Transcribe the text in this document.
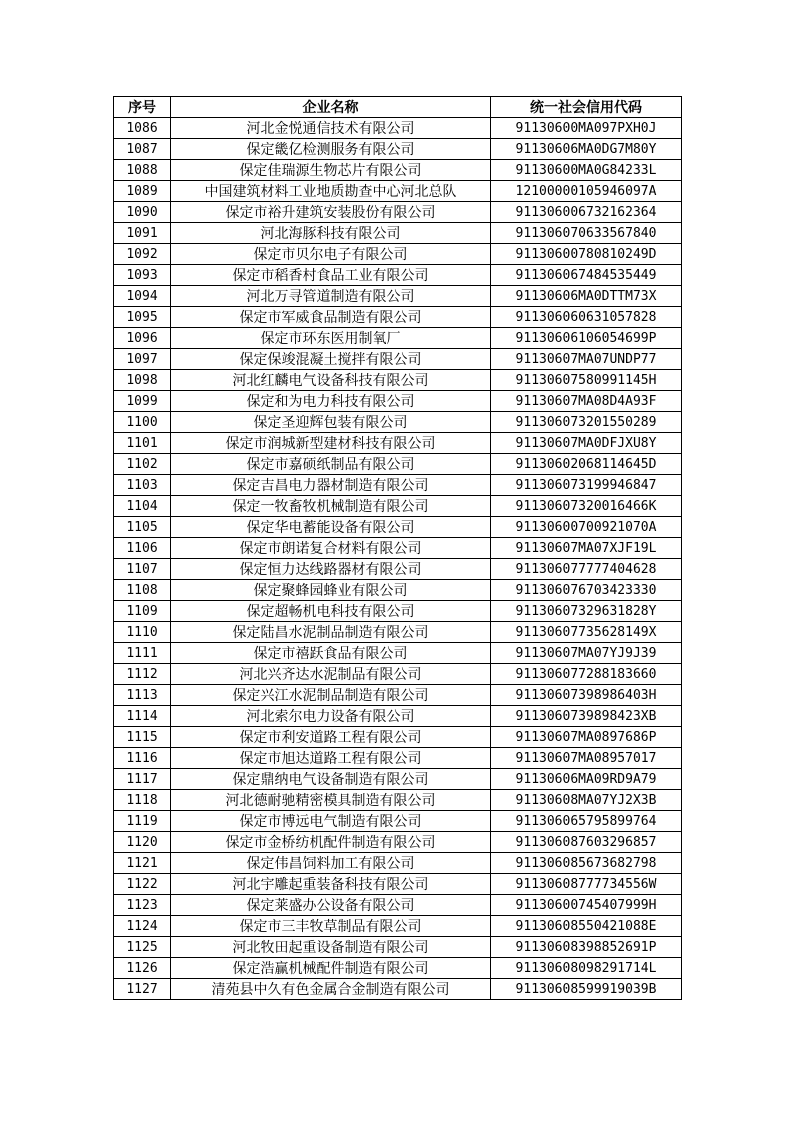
序号	企业名称	统一社会信用代码
1086	河北金悦通信技术有限公司	91130600MA097PXH0J
1087	保定畿亿检测服务有限公司	91130606MA0DG7M80Y
1088	保定佳瑞源生物芯片有限公司	91130600MA0G84233L
1089	中国建筑材料工业地质勘查中心河北总队	12100000105946097A
1090	保定市裕升建筑安装股份有限公司	911306006732162364
1091	河北海豚科技有限公司	911306070633567840
1092	保定市贝尔电子有限公司	91130600780810249D
1093	保定市稻香村食品工业有限公司	911306067484535449
1094	河北万寻管道制造有限公司	91130606MA0DTTM73X
1095	保定市军威食品制造有限公司	911306060631057828
1096	保定市环东医用制氧厂	91130606106054699P
1097	保定保竣混凝土搅拌有限公司	91130607MA07UNDP77
1098	河北红麟电气设备科技有限公司	91130607580991145H
1099	保定和为电力科技有限公司	91130607MA08D4A93F
1100	保定圣迎辉包装有限公司	911306073201550289
1101	保定市润城新型建材科技有限公司	91130607MA0DFJXU8Y
1102	保定市嘉硕纸制品有限公司	91130602068114645D
1103	保定吉昌电力器材制造有限公司	911306073199946847
1104	保定一牧畜牧机械制造有限公司	91130607320016466K
1105	保定华电蓄能设备有限公司	91130600700921070A
1106	保定市朗诺复合材料有限公司	91130607MA07XJF19L
1107	保定恒力达线路器材有限公司	911306077777404628
1108	保定聚蜂园蜂业有限公司	911306076703423330
1109	保定超畅机电科技有限公司	91130607329631828Y
1110	保定陆昌水泥制品制造有限公司	91130607735628149X
1111	保定市禧跃食品有限公司	91130607MA07YJ9J39
1112	河北兴齐达水泥制品有限公司	911306077288183660
1113	保定兴江水泥制品制造有限公司	91130607398986403H
1114	河北索尔电力设备有限公司	9113060739898423XB
1115	保定市利安道路工程有限公司	91130607MA0897686P
1116	保定市旭达道路工程有限公司	91130607MA08957017
1117	保定鼎纳电气设备制造有限公司	91130606MA09RD9A79
1118	河北德耐驰精密模具制造有限公司	91130608MA07YJ2X3B
1119	保定市博远电气制造有限公司	911306065795899764
1120	保定市金桥纺机配件制造有限公司	911306087603296857
1121	保定伟昌饲料加工有限公司	911306085673682798
1122	河北宇雕起重装备科技有限公司	91130608777734556W
1123	保定莱盛办公设备有限公司	91130600745407999H
1124	保定市三丰牧草制品有限公司	91130608550421088E
1125	河北牧田起重设备制造有限公司	91130608398852691P
1126	保定浩赢机械配件制造有限公司	91130608098291714L
1127	清苑县中久有色金属合金制造有限公司	91130608599919039B
